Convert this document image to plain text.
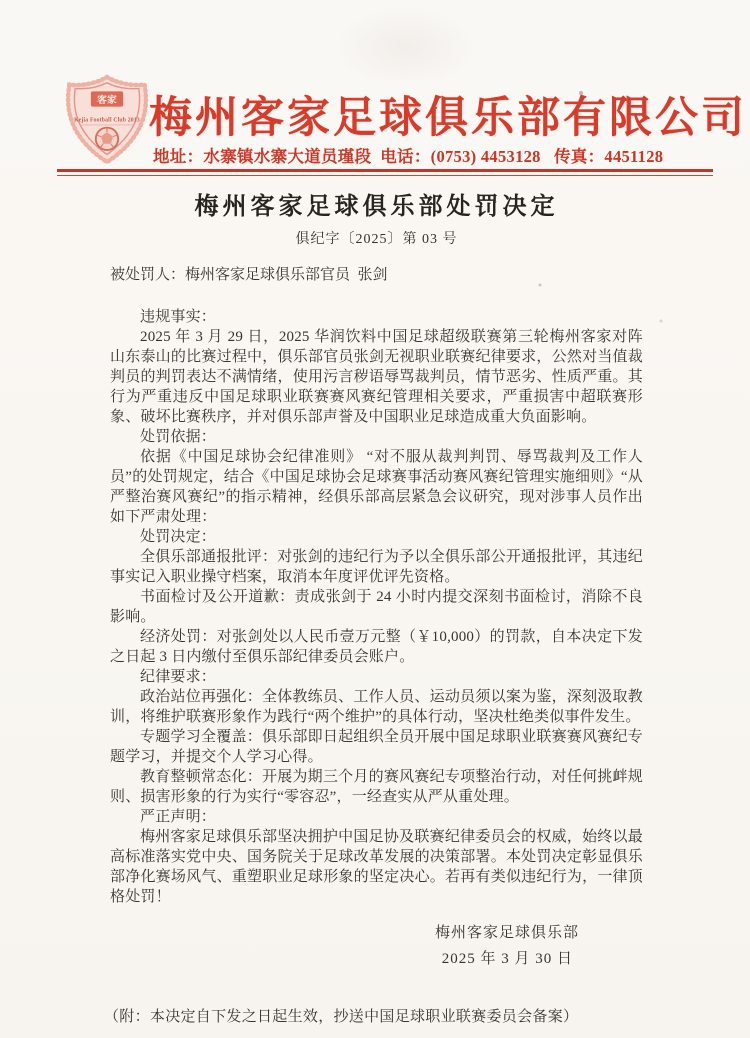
客家
Kejia Football Club 2013 梅州客家足球俱乐部有限公司
地址：水寨镇水寨大道员瑾段  电话：(0753) 4453128   传真：4451128
梅州客家足球俱乐部处罚决定
俱纪字〔2025〕第 03 号

被处罚人：梅州客家足球俱乐部官员  张剑

违规事实：

2025 年 3 月 29 日，2025 华润饮料中国足球超级联赛第三轮梅州客家对阵山东泰山的比赛过程中，俱乐部官员张剑无视职业联赛纪律要求，公然对当值裁判员的判罚表达不满情绪，使用污言秽语辱骂裁判员，情节恶劣、性质严重。其行为严重违反中国足球职业联赛赛风赛纪管理相关要求，严重损害中超联赛形象、破坏比赛秩序，并对俱乐部声誉及中国职业足球造成重大负面影响。

处罚依据：

依据《中国足球协会纪律准则》 “对不服从裁判判罚、辱骂裁判及工作人员”的处罚规定，结合《中国足球协会足球赛事活动赛风赛纪管理实施细则》“从严整治赛风赛纪”的指示精神，经俱乐部高层紧急会议研究，现对涉事人员作出如下严肃处理：

处罚决定：

全俱乐部通报批评：对张剑的违纪行为予以全俱乐部公开通报批评，其违纪事实记入职业操守档案，取消本年度评优评先资格。

书面检讨及公开道歉：责成张剑于 24 小时内提交深刻书面检讨，消除不良影响。

经济处罚：对张剑处以人民币壹万元整（￥10,000）的罚款，自本决定下发之日起 3 日内缴付至俱乐部纪律委员会账户。

纪律要求：

政治站位再强化：全体教练员、工作人员、运动员须以案为鉴，深刻汲取教训，将维护联赛形象作为践行“两个维护”的具体行动，坚决杜绝类似事件发生。

专题学习全覆盖：俱乐部即日起组织全员开展中国足球职业联赛赛风赛纪专题学习，并提交个人学习心得。

教育整顿常态化：开展为期三个月的赛风赛纪专项整治行动，对任何挑衅规则、损害形象的行为实行“零容忍”，一经查实从严从重处理。

严正声明：

梅州客家足球俱乐部坚决拥护中国足协及联赛纪律委员会的权威，始终以最高标准落实党中央、国务院关于足球改革发展的决策部署。本处罚决定彰显俱乐部净化赛场风气、重塑职业足球形象的坚定决心。若再有类似违纪行为，一律顶格处罚！

梅州客家足球俱乐部
2025 年 3 月 30 日

（附：本决定自下发之日起生效，抄送中国足球职业联赛委员会备案）
